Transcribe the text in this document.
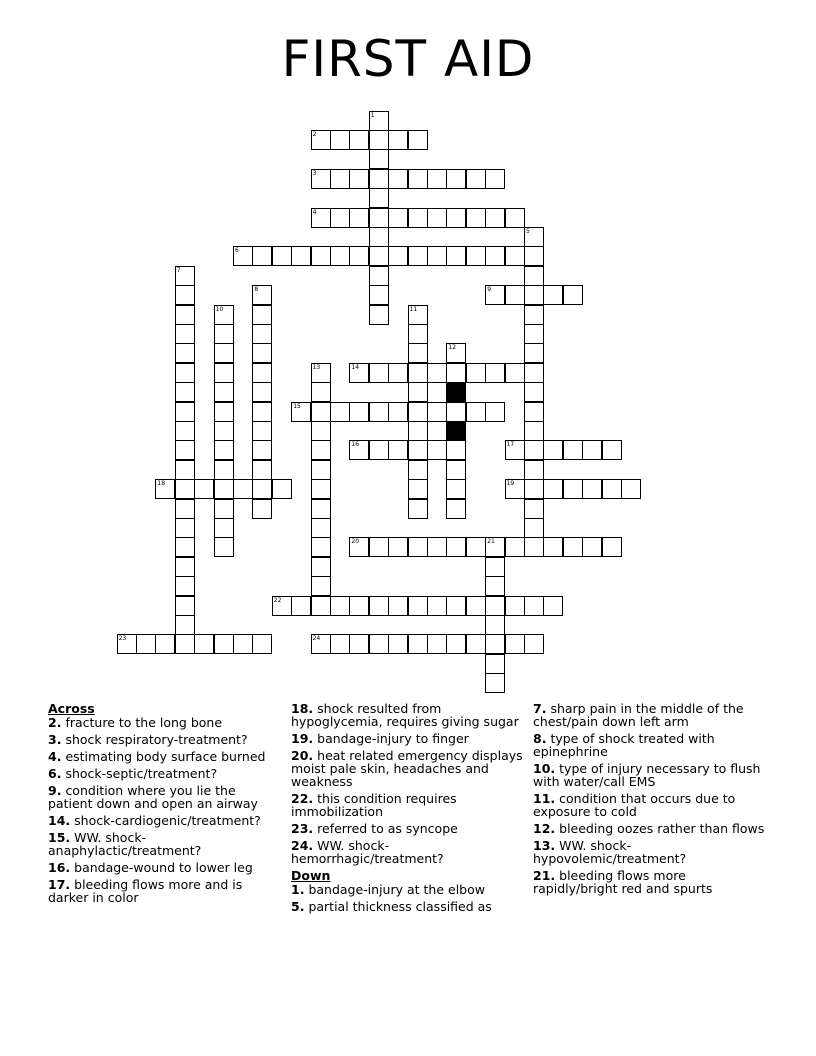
FIRST AID
2
3
4
6
9
14
15
16	17
18	19
20	21
22
23	24
1
5
7
8
10	11
12
13
Across
2. fracture to the long bone
3. shock respiratory-treatment?
4. estimating body surface burned
6. shock-septic/treatment?
9. condition where you lie the patient down and open an airway
14. shock-cardiogenic/treatment?
15. WW. shock-anaphylactic/treatment?
16. bandage-wound to lower leg
17. bleeding flows more and is darker in color
18. shock resulted from hypoglycemia, requires giving sugar
19. bandage-injury to finger
20. heat related emergency displays moist pale skin, headaches and weakness
22. this condition requires immobilization
23. referred to as syncope
24. WW. shock-hemorrhagic/treatment?
Down
1. bandage-injury at the elbow
5. partial thickness classified as
7. sharp pain in the middle of the chest/pain down left arm
8. type of shock treated with epinephrine
10. type of injury necessary to flush with water/call EMS
11. condition that occurs due to exposure to cold
12. bleeding oozes rather than flows
13. WW. shock-hypovolemic/treatment?
21. bleeding flows more rapidly/bright red and spurts
